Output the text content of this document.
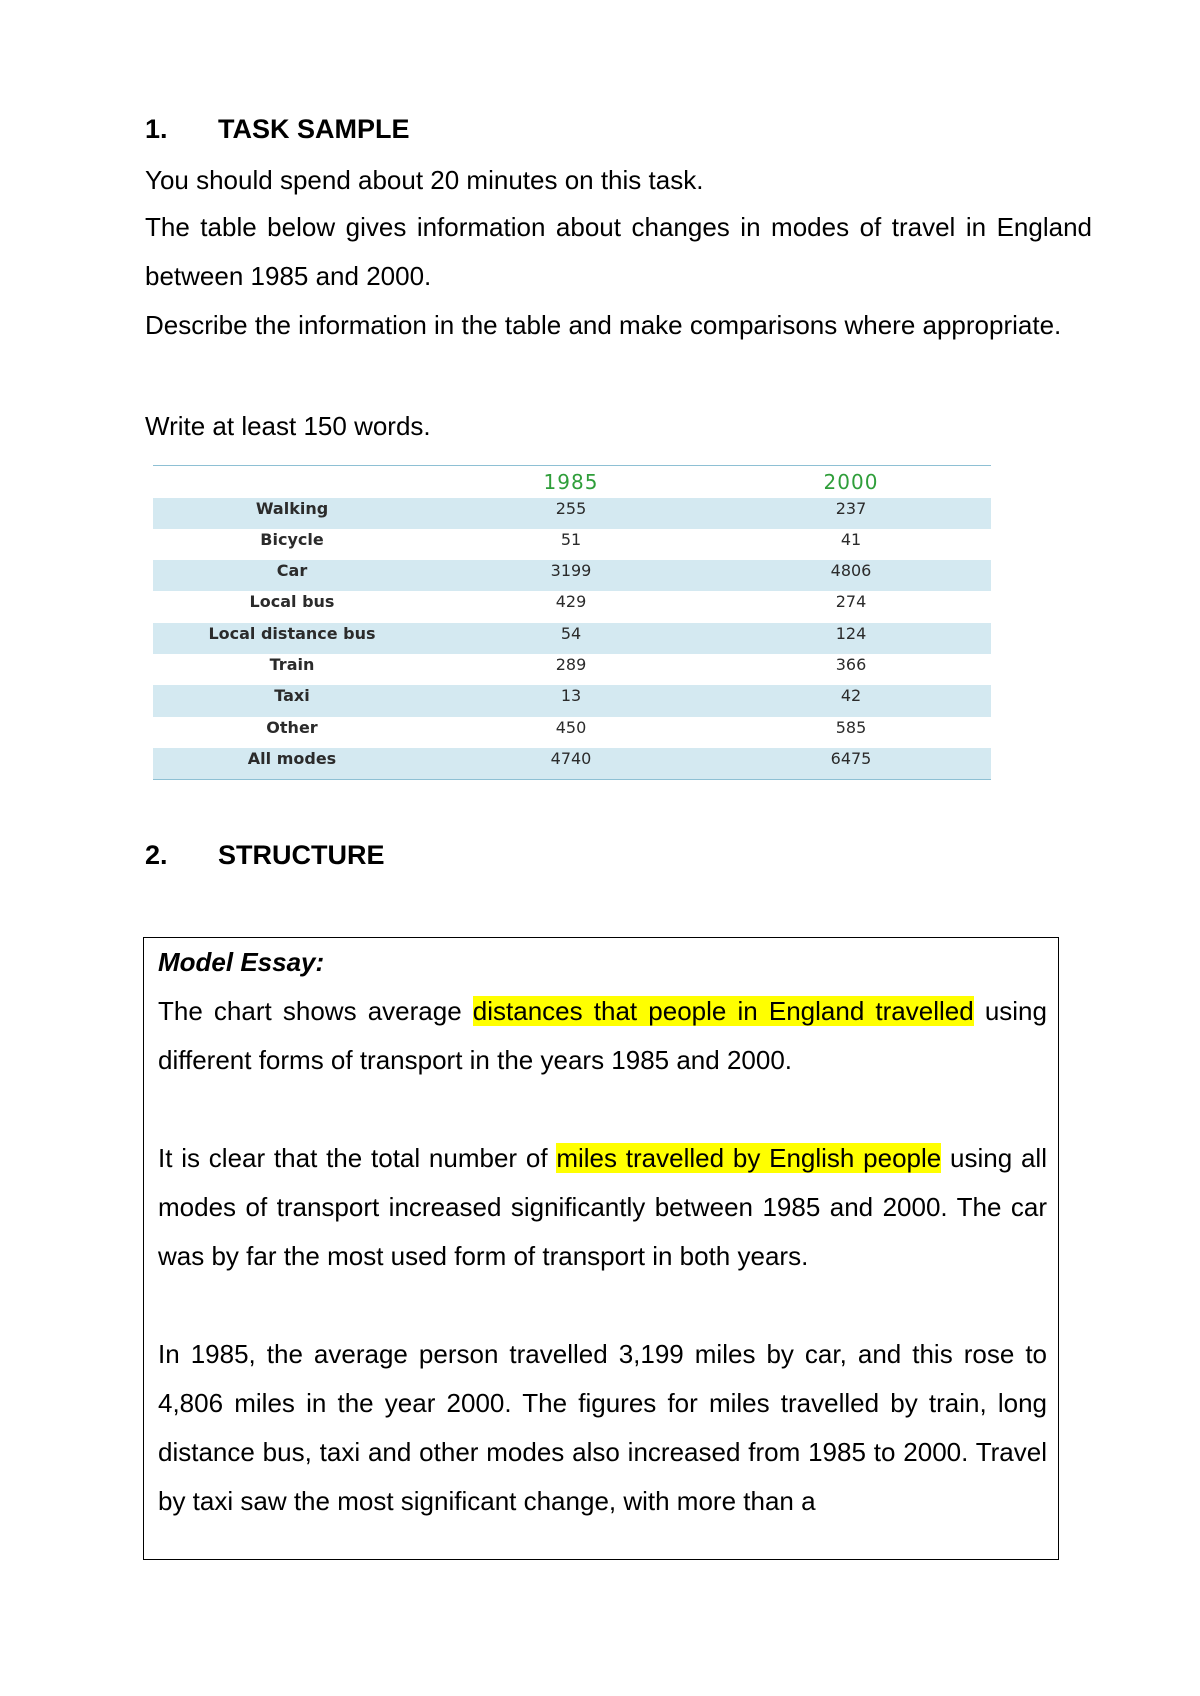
1. TASK SAMPLE
You should spend about 20 minutes on this task.
The table below gives information about changes in modes of travel in England between 1985 and 2000.
Describe the information in the table and make comparisons where appropriate.
Write at least 150 words.
	1985	2000
Walking	255	237
Bicycle	51	41
Car	3199	4806
Local bus	429	274
Local distance bus	54	124
Train	289	366
Taxi	13	42
Other	450	585
All modes	4740	6475
2. STRUCTURE

Model Essay:

The chart shows average distances that people in England travelled using different forms of transport in the years 1985 and 2000.

It is clear that the total number of miles travelled by English people using all modes of transport increased significantly between 1985 and 2000. The car was by far the most used form of transport in both years.

In 1985, the average person travelled 3,199 miles by car, and this rose to 4,806 miles in the year 2000. The figures for miles travelled by train, long distance bus, taxi and other modes also increased from 1985 to 2000. Travel by taxi saw the most significant change, with more than a
